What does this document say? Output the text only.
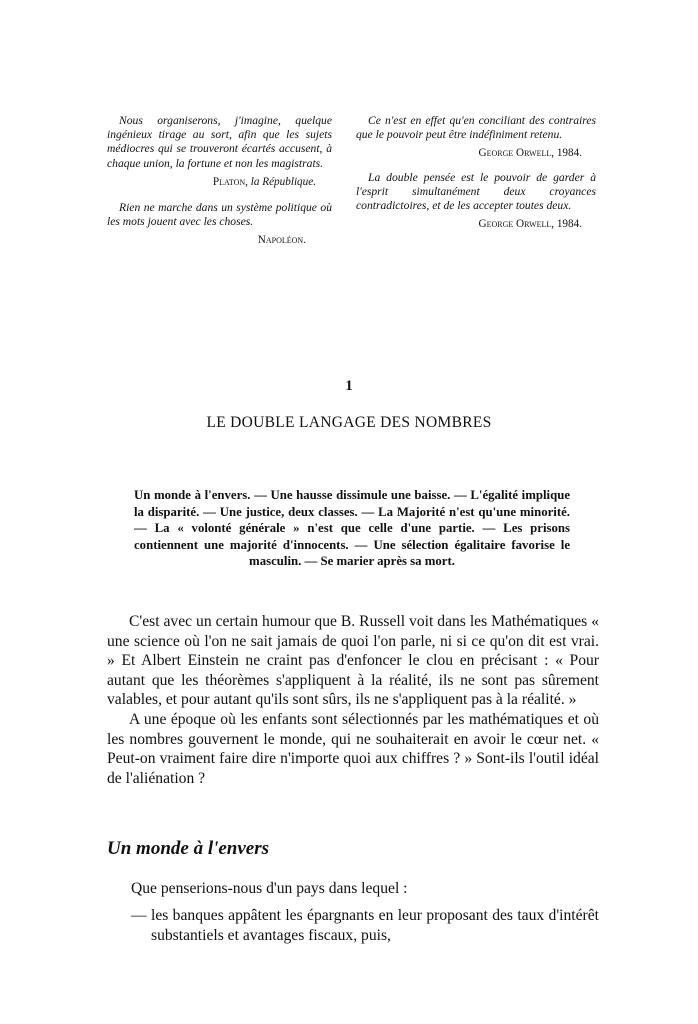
Nous organiserons, j'imagine, quelque ingénieux tirage au sort, afin que les sujets médiocres qui se trouveront écartés accusent, à chaque union, la fortune et non les magistrats.

Platon, la République.

Rien ne marche dans un système politique où les mots jouent avec les choses.

Napoléon.

Ce n'est en effet qu'en conciliant des contraires que le pouvoir peut être indéfiniment retenu.

George Orwell, 1984.

La double pensée est le pouvoir de garder à l'esprit simultanément deux croyances contradictoires, et de les accepter toutes deux.

George Orwell, 1984.
1
LE DOUBLE LANGAGE DES NOMBRES
Un monde à l'envers. — Une hausse dissimule une baisse. — L'égalité implique la disparité. — Une justice, deux classes. — La Majorité n'est qu'une minorité. — La « volonté générale » n'est que celle d'une partie. — Les prisons contiennent une majorité d'innocents. — Une sélection égalitaire favorise le masculin. — Se marier après sa mort.

C'est avec un certain humour que B. Russell voit dans les Mathématiques « une science où l'on ne sait jamais de quoi l'on parle, ni si ce qu'on dit est vrai. » Et Albert Einstein ne craint pas d'enfoncer le clou en précisant : « Pour autant que les théorèmes s'appliquent à la réalité, ils ne sont pas sûrement valables, et pour autant qu'ils sont sûrs, ils ne s'appliquent pas à la réalité. »

A une époque où les enfants sont sélectionnés par les mathématiques et où les nombres gouvernent le monde, qui ne souhaiterait en avoir le cœur net. « Peut-on vraiment faire dire n'importe quoi aux chiffres ? » Sont-ils l'outil idéal de l'aliénation ?

Un monde à l'envers
Que penserions-nous d'un pays dans lequel :
— les banques appâtent les épargnants en leur proposant des taux d'intérêt substantiels et avantages fiscaux, puis,
